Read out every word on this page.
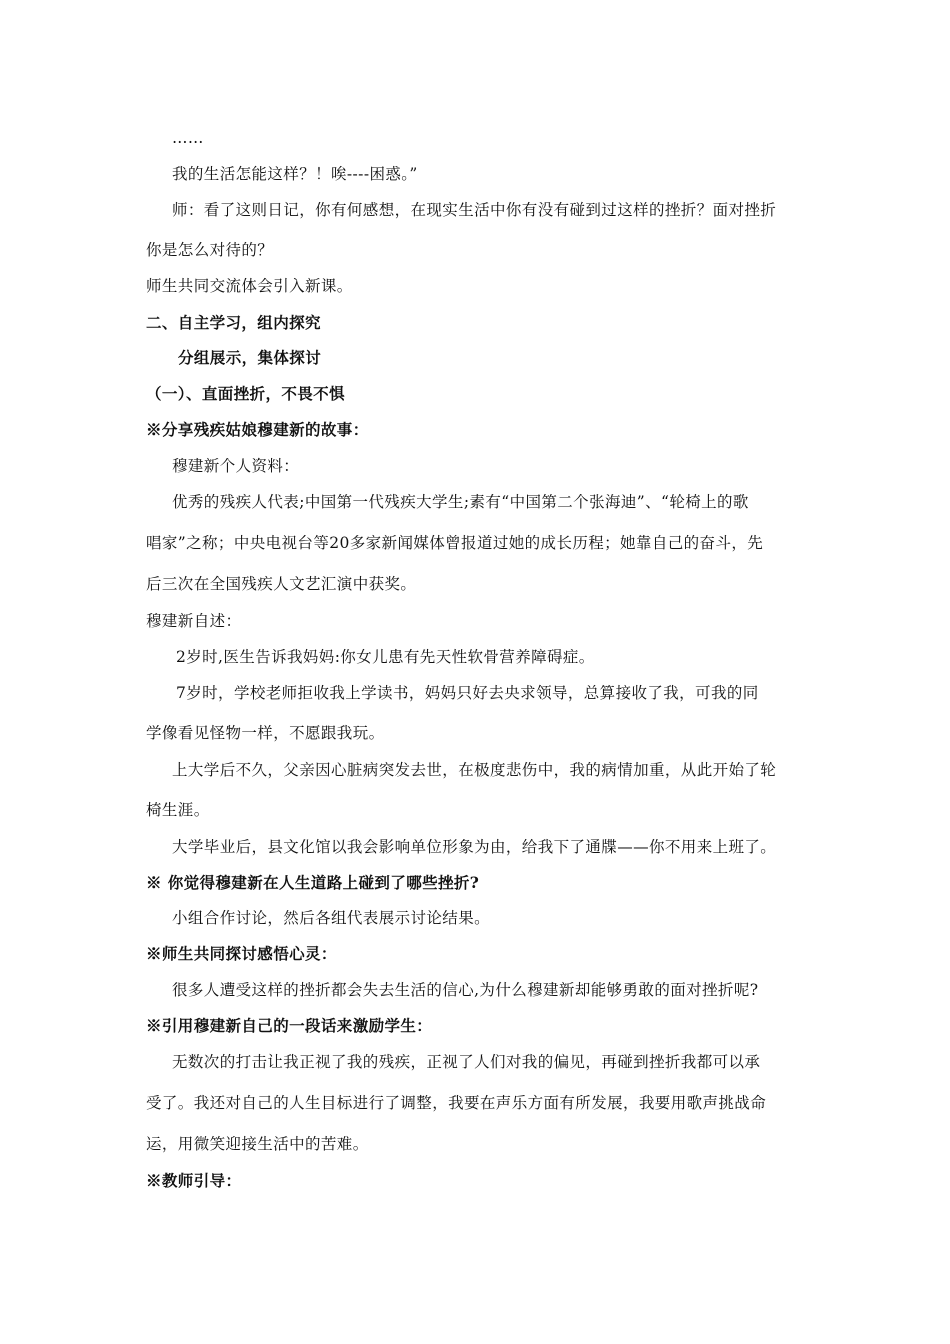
……
我的生活怎能这样？！唉----困惑。”
师：看了这则日记，你有何感想，在现实生活中你有没有碰到过这样的挫折？面对挫折
你是怎么对待的？
师生共同交流体会引入新课。
二、自主学习，组内探究
分组展示，集体探讨
（一）、直面挫折，不畏不惧
※分享残疾姑娘穆建新的故事：
穆建新个人资料：
优秀的残疾人代表;中国第一代残疾大学生;素有“中国第二个张海迪”、“轮椅上的歌
唱家”之称；中央电视台等20多家新闻媒体曾报道过她的成长历程；她靠自己的奋斗，先
后三次在全国残疾人文艺汇演中获奖。
穆建新自述：
2岁时,医生告诉我妈妈:你女儿患有先天性软骨营养障碍症。
7岁时，学校老师拒收我上学读书，妈妈只好去央求领导，总算接收了我，可我的同
学像看见怪物一样，不愿跟我玩。
上大学后不久，父亲因心脏病突发去世，在极度悲伤中，我的病情加重，从此开始了轮
椅生涯。
大学毕业后，县文化馆以我会影响单位形象为由，给我下了通牒——你不用来上班了。
※ 你觉得穆建新在人生道路上碰到了哪些挫折?
小组合作讨论，然后各组代表展示讨论结果。
※师生共同探讨感悟心灵：
很多人遭受这样的挫折都会失去生活的信心,为什么穆建新却能够勇敢的面对挫折呢?
※引用穆建新自己的一段话来激励学生：
无数次的打击让我正视了我的残疾，正视了人们对我的偏见，再碰到挫折我都可以承
受了。我还对自己的人生目标进行了调整，我要在声乐方面有所发展，我要用歌声挑战命
运，用微笑迎接生活中的苦难。
※教师引导：
